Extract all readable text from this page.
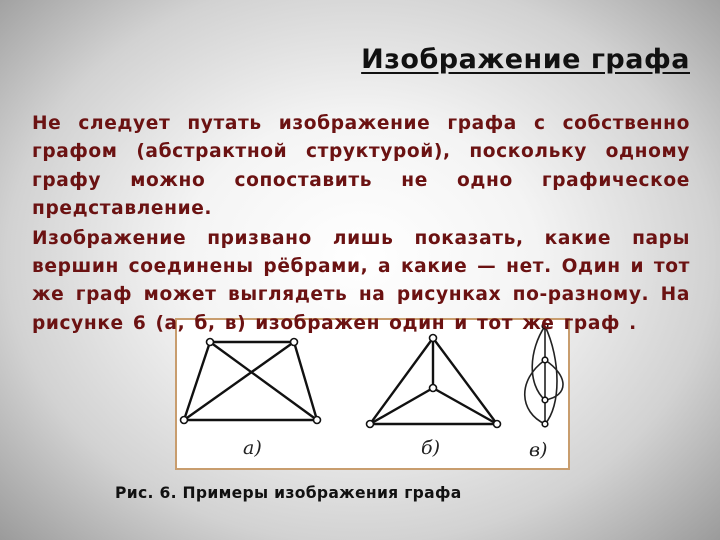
Изображение графа
а)	б)	в)

Не следует путать изображение графа с собственно графом (абстрактной структурой), поскольку одному графу можно сопоставить не одно графическое представление.

Изображение призвано лишь показать, какие пары вершин соединены рёбрами, а какие — нет. Один и тот же граф может выглядеть на рисунках по-разному. На рисунке 6 (а, б, в) изображен один и тот же граф .

Рис. 6. Примеры изображения графа
